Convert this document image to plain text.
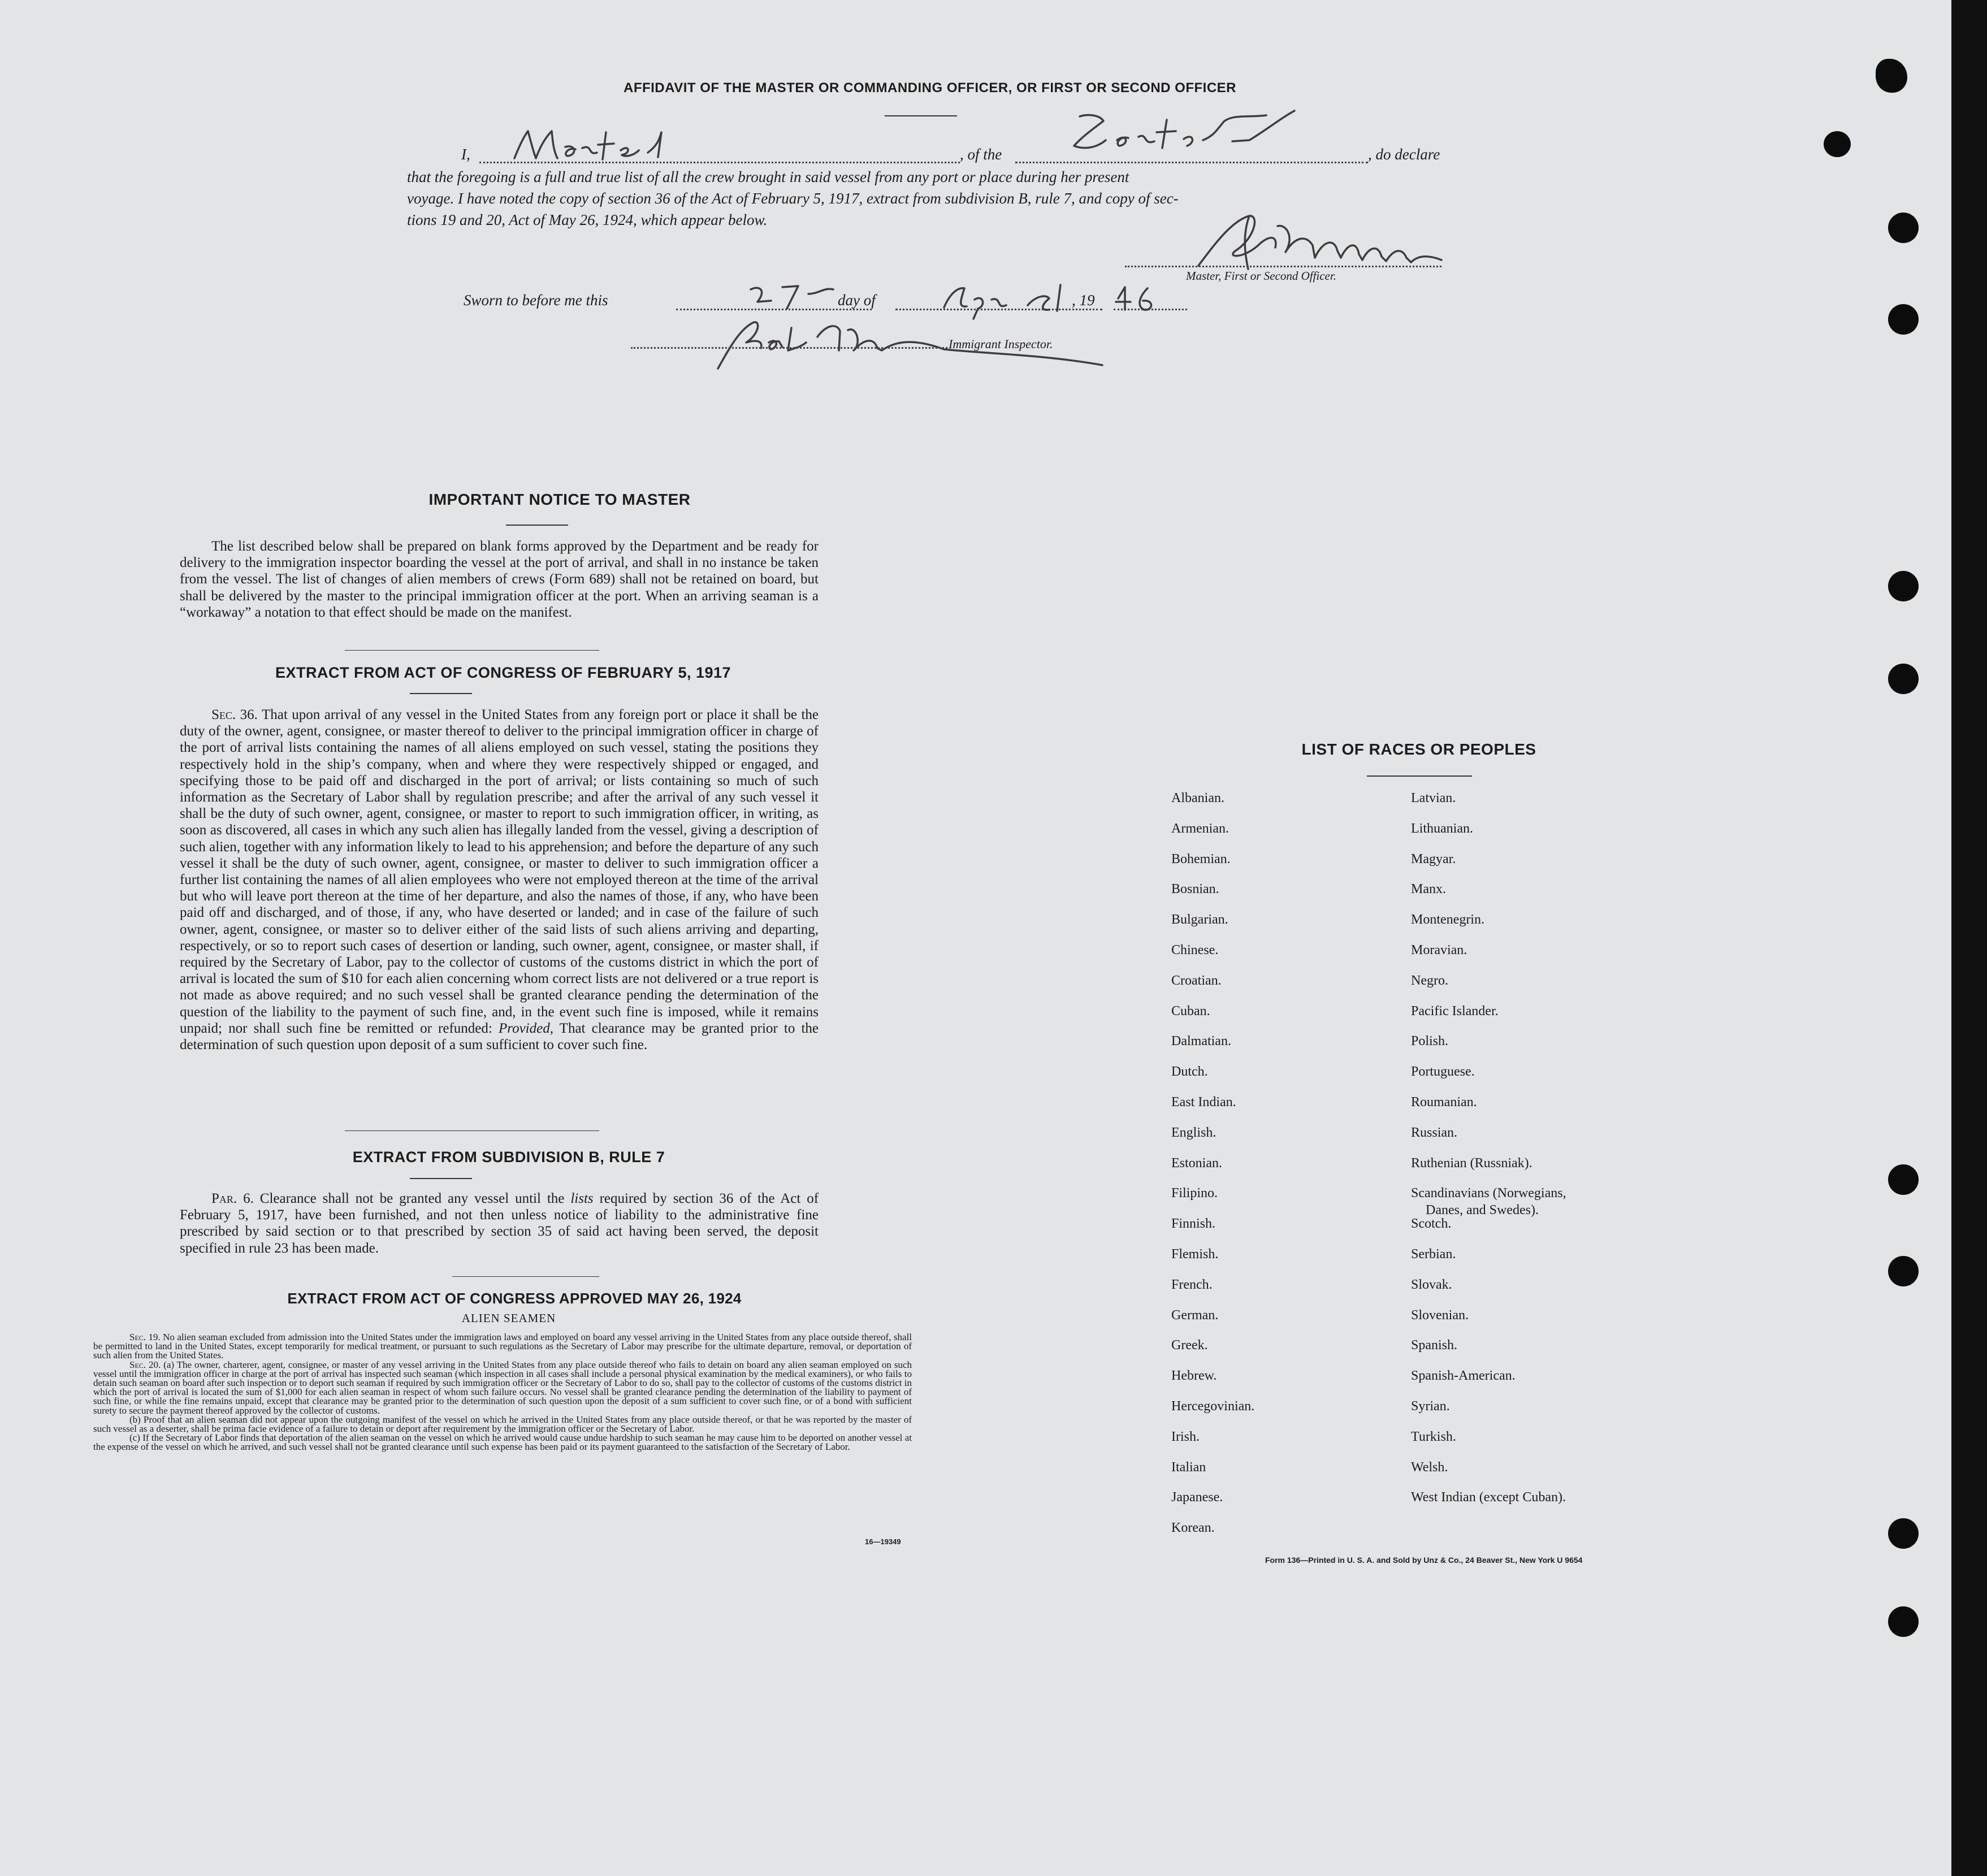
AFFIDAVIT OF THE MASTER OR COMMANDING OFFICER, OR FIRST OR SECOND OFFICER
I,	, of the	, do declare
that the foregoing is a full and true list of all the crew brought in said vessel from any port or place during her present
voyage. I have noted the copy of section 36 of the Act of February 5, 1917, extract from subdivision B, rule 7, and copy of sec-
tions 19 and 20, Act of May 26, 1924, which appear below.
Master, First or Second Officer.
Sworn to before me this	day of	, 19
Immigrant Inspector.
IMPORTANT NOTICE TO MASTER
The list described below shall be prepared on blank forms approved by the Department and be ready for delivery to the immigration inspector boarding the vessel at the port of arrival, and shall in no instance be taken from the vessel. The list of changes of alien members of crews (Form 689) shall not be retained on board, but shall be delivered by the master to the principal immigration officer at the port. When an arriving seaman is a “workaway” a notation to that effect should be made on the manifest.
EXTRACT FROM ACT OF CONGRESS OF FEBRUARY 5, 1917
Sec. 36. That upon arrival of any vessel in the United States from any foreign port or place it shall be the duty of the owner, agent, consignee, or master thereof to deliver to the principal immigration officer in charge of the port of arrival lists containing the names of all aliens employed on such vessel, stating the positions they respectively hold in the ship’s company, when and where they were respectively shipped or engaged, and specifying those to be paid off and discharged in the port of arrival; or lists containing so much of such information as the Secretary of Labor shall by regulation prescribe; and after the arrival of any such vessel it shall be the duty of such owner, agent, consignee, or master to report to such immigration officer, in writing, as soon as discovered, all cases in which any such alien has illegally landed from the vessel, giving a description of such alien, together with any information likely to lead to his apprehension; and before the departure of any such vessel it shall be the duty of such owner, agent, consignee, or master to deliver to such immigration officer a further list containing the names of all alien employees who were not employed thereon at the time of the arrival but who will leave port thereon at the time of her departure, and also the names of those, if any, who have been paid off and discharged, and of those, if any, who have deserted or landed; and in case of the failure of such owner, agent, consignee, or master so to deliver either of the said lists of such aliens arriving and departing, respectively, or so to report such cases of desertion or landing, such owner, agent, consignee, or master shall, if required by the Secretary of Labor, pay to the collector of customs of the customs district in which the port of arrival is located the sum of $10 for each alien concerning whom correct lists are not delivered or a true report is not made as above required; and no such vessel shall be granted clearance pending the determination of the question of the liability to the payment of such fine, and, in the event such fine is imposed, while it remains unpaid; nor shall such fine be remitted or refunded: Provided, That clearance may be granted prior to the determination of such question upon deposit of a sum sufficient to cover such fine.
EXTRACT FROM SUBDIVISION B, RULE 7
Par. 6. Clearance shall not be granted any vessel until the lists required by section 36 of the Act of February 5, 1917, have been furnished, and not then unless notice of liability to the administrative fine prescribed by said section or to that prescribed by section 35 of said act having been served, the deposit specified in rule 23 has been made.
EXTRACT FROM ACT OF CONGRESS APPROVED MAY 26, 1924
ALIEN SEAMEN
Sec. 19. No alien seaman excluded from admission into the United States under the immigration laws and employed on board any vessel arriving in the United States from any place outside thereof, shall be permitted to land in the United States, except temporarily for medical treatment, or pursuant to such regulations as the Secretary of Labor may prescribe for the ultimate departure, removal, or deportation of such alien from the United States.
Sec. 20. (a) The owner, charterer, agent, consignee, or master of any vessel arriving in the United States from any place outside thereof who fails to detain on board any alien seaman employed on such vessel until the immigration officer in charge at the port of arrival has inspected such seaman (which inspection in all cases shall include a personal physical examination by the medical examiners), or who fails to detain such seaman on board after such inspection or to deport such seaman if required by such immigration officer or the Secretary of Labor to do so, shall pay to the collector of customs of the customs district in which the port of arrival is located the sum of $1,000 for each alien seaman in respect of whom such failure occurs. No vessel shall be granted clearance pending the determination of the liability to payment of such fine, or while the fine remains unpaid, except that clearance may be granted prior to the determination of such question upon the deposit of a sum sufficient to cover such fine, or of a bond with sufficient surety to secure the payment thereof approved by the collector of customs.
(b) Proof that an alien seaman did not appear upon the outgoing manifest of the vessel on which he arrived in the United States from any place outside thereof, or that he was reported by the master of such vessel as a deserter, shall be prima facie evidence of a failure to detain or deport after requirement by the immigration officer or the Secretary of Labor.
(c) If the Secretary of Labor finds that deportation of the alien seaman on the vessel on which he arrived would cause undue hardship to such seaman he may cause him to be deported on another vessel at the expense of the vessel on which he arrived, and such vessel shall not be granted clearance until such expense has been paid or its payment guaranteed to the satisfaction of the Secretary of Labor.
16—19349
LIST OF RACES OR PEOPLES
Form 136—Printed in U. S. A. and Sold by Unz & Co., 24 Beaver St., New York U 9654
Albanian.
Armenian.
Bohemian.
Bosnian.
Bulgarian.
Chinese.
Croatian.
Cuban.
Dalmatian.
Dutch.
East Indian.
English.
Estonian.
Filipino.
Finnish.
Flemish.
French.
German.
Greek.
Hebrew.
Hercegovinian.
Irish.
Italian
Japanese.
Korean.
Latvian.
Lithuanian.
Magyar.
Manx.
Montenegrin.
Moravian.
Negro.
Pacific Islander.
Polish.
Portuguese.
Roumanian.
Russian.
Ruthenian (Russniak).
Scandinavians (Norwegians,
Danes, and Swedes).
Scotch.
Serbian.
Slovak.
Slovenian.
Spanish.
Spanish-American.
Syrian.
Turkish.
Welsh.
West Indian (except Cuban).
